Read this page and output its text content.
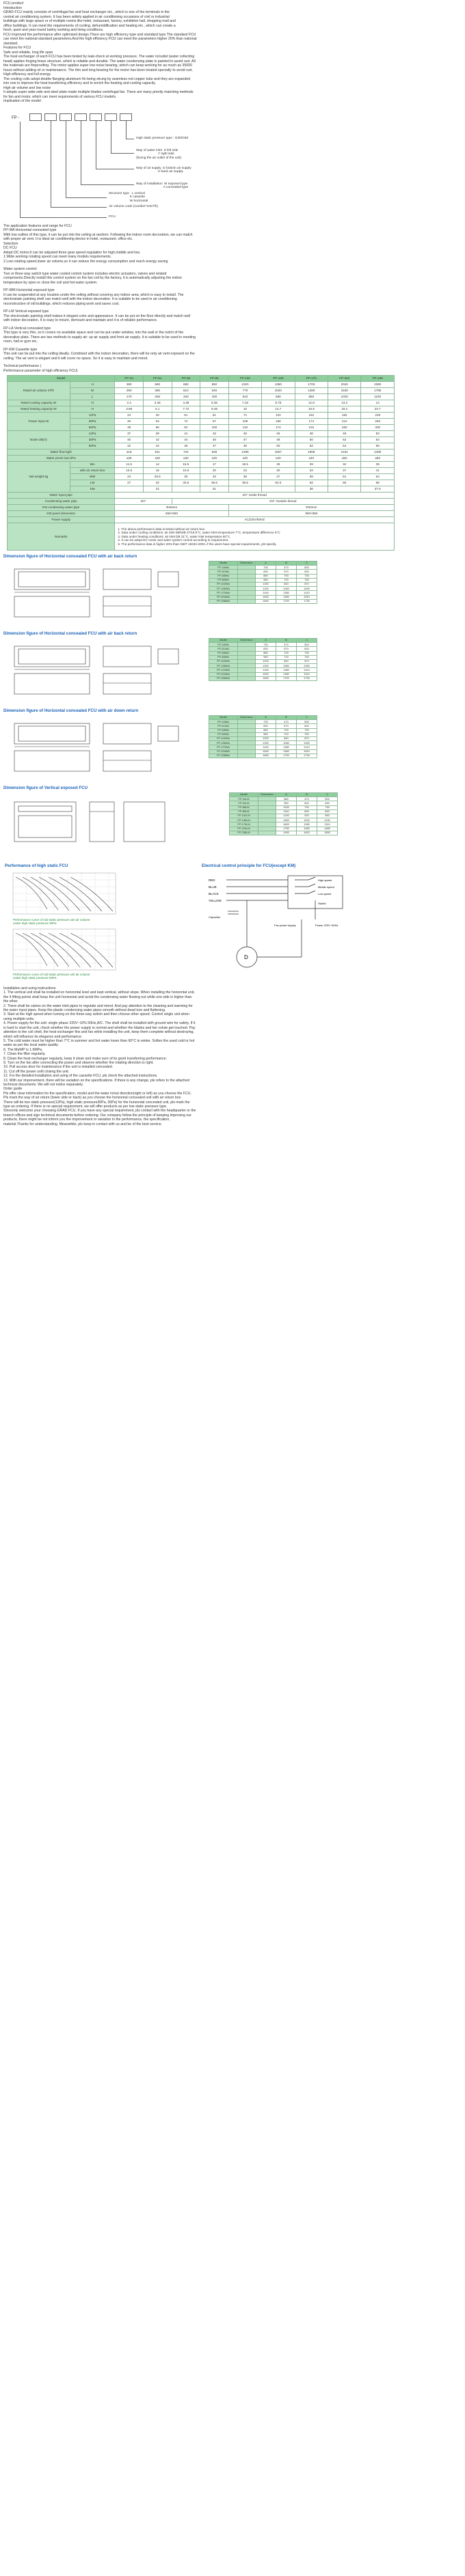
FCU product

Introduction

GRAD FCU mainly consists of centrifugal fan and heat exchanger etc., which is one of the terminals in the

central air conditioning system. It has been widely applied in air conditioning occasions of civil or industrial

buildings with large space or of multiple rooms like hotel, restaurant, factory, exhibition hall, shopping mall and

office buildings. It can meet the requirements of cooling, dehumidification and heating etc., which can create a

fresh, quiet and year-round balmy working and living conditions.

FCU improved the performance after optimized design.There are high efficiency type and standard type.The standard FCU

can meet the national standard parameters,And the high efficiency FCU can meet the parameters higher 20% than national

standard.

Features for FCU

Safe and reliable, long life span

The heat exchanger of each FCU has been tested by leak-check at working pressure. The water in/outlet (water collecting

head) applies forging brass structure, which is reliable and durable. The water condensing plate is painted to avoid rust. All

the materials are fireproofing. The motor applies super low noise bearing, which can keep working for as much as 35000

hours without adding oil or maintenance. The thin and long bearing for the motor has been treated specially to avoid rust.

High efficiency and full energy

The cooling coils adopt double flanging aluminum fin being strung by seamless red copper tube and they are expanded

into one to improve the heat transferring efficiency and to enrich the heating and cooling capacity.

High air volume and low noise

It adopts super wide-side and steel plate made multiple blades centrifugal fan. There are many priority matching methods

for fan and motor, which can meet requirements of various FCU models.

Implication of the model

FP -
High static pressure type : G30/G50
Way of water inlet  Z left side
Y right side
(facing the air outlet of the unit)
Way of air supply  D bottom air supply
H back air supply
Way of installation  M exposed type
A concealed type
Structure type   L vertical
K cassette
W horizontal
Air volume code (number*10m³/h)
FCU

The application features and range for FCU

FP-WA Horizontal concealed type

With low outline of this type, it can be put into the ceiling at random. Following the indoor room decoration, we can match

with proper air vent. It is ideal air conditioning device in hotel, restaurant, office etc.

Selection

DC FCU

Adopt DC motor,It can be adjusted three gear speed regulation for high,middle and low.

1.Wide working rotating speed can meet many models requirements.

2.Low rotating speed,lower air volume,so it can reduce the energy consumption and reach energy saving

Water system control

Two or three way switch type water cooled control system includes electric actuators, valves and related

components.Directly install this control system on the fan coil by the factory, it is automatically adjusting the indoor

temperature by open or close the coil and hot water system.

FP-WM Horizontal exposed type

It can be suspended at any location under the ceiling without covering any indoor area, which is easy to install. The

electrostatic painting shell can match well with the indoor decoration. It is suitable to be used in air conditioning

reconstruction of old buildings, which reduces piping work and saves cost.

FP-LM Vertical exposed type

The electrostatic painting shell makes it elegant color and appearance. It can be put on the floor directly and match well

with indoor decoration. It is easy to mount, demount and maintain and it is of reliable performance.

FP-LA Vertical concealed type

This type is very thin, so it covers no available space and can be put under window, into the wall or the notch of the

decorative plate. There are two methods to supply air: up air supply and front air supply. It is suitable to be used in meeting

room, hall or gym etc.

FP-KM Cassette type

This unit can be put into the ceiling ideally. Combined with the indoor decoration, there will be only air vent exposed on the

ceiling. The air vent is elegant and it will cover no space. So it is easy to maintain and mend.

Technical performance (

Performance parameter of high efficiency FCU)

Model		FP-34	FP-51	FP-68	FP-85	FP-102	FP-136	FP-170	FP-204	FP-238
Rated air volume m³/h	H	380	580	690	850	1020	1360	1700	2040	2380
	M	280	380	510	640	770	1020	1280	1530	1785
	L	170	260	340	430	510	680	850	1020	1190
Rated cooling capacity W	H	2.2	3.45	4.48	5.36	7.18	8.79	12.8	13.2	14
Rated heating capacity W	H	3.68	5.1	7.72	8.48	10	13.7	18.9	19.4	23.7
Power input W	12Pa	24	40	51	51	74	104	162	182	228
	30Pa	40	54	72	67	108	156	174	212	253
	50Pa	49	66	84	100	116	174	215	260	300
Noise dB(A)	12Pa	37	39	41	43	45	46	48	49	50
	30Pa	40	42	44	46	47	48	50	52	54
	50Pa	42	44	46	47	49	50	52	54	56
Water flow kg/h		418	611	734	948	1289	1557	1908	2161	2490
Water press loss kPa		≤30	≤30	≤30	≤40	≤40	≤40	≤40	≤50	≤50
Net weight kg	WA	11.5	14	15.5	17	18.5	25	29	32	35
	with air return box	13.5	16	16.5	20	23	30	34	37	41
	WM	24	28.5	30	33	38	47	59	61	64
	LM	27	32	33.5	36.5	39.5	52.5	62	65	68
	KM		22		31			36		37.5
Water input pipe		3/4" inside thread								
Condensing water pipe		3/4"		3/4" Outside thread						
KM condensing water pipe		Φ25mm				Φ32mm				
KM panel dimension		650×650				950×950				
Power supply		AC220V/50HZ								
Remarks		1. The above performance data is tested without air return box.
2. Data under cooling conditions: air inlet DB/WB 27/19.5°C, water inlet temperature 7°C, temperature difference 5°C
3. Data under heating conditions: air inlet DB 21°C, water inlet temperature 60°C.
4. It can be adopt DC motor and water system control according to requirement.
5. The performance data is higher 20% than GB/T 19232-2003, if the users have special requirements, pls specify.								
Dimension figure of Horizontal concealed FCU with air back return
Model	Dimension	A	B	C
FP-34WA		730	470	500
FP-51WA		830	570	600
FP-68WA		880	700	730
FP-85WA		980	720	750
FP-102WA		1200	840	870
FP-136WA		1320	1060	1090
FP-170WA		1440	1380	1410
FP-204WA		1640	1480	1510
FP-238WA		1840	1700	1730
Dimension figure of Horizontal concealed FCU with air back return
Model	Dimension	A	B	C
FP-34WA		730	470	500
FP-51WA		830	570	600
FP-68WA		880	700	730
FP-85WA		980	720	750
FP-102WA		1200	840	870
FP-136WA		1320	1060	1090
FP-170WA		1440	1380	1410
FP-204WA		1640	1480	1510
FP-238WA		1840	1700	1730
Dimension figure of Horizontal concealed FCU with air down return
Model	Dimension	A	B	C
FP-34WA		730	470	500
FP-51WA		830	570	600
FP-68WA		880	700	730
FP-85WA		980	720	750
FP-102WA		1200	840	870
FP-136WA		1320	1060	1090
FP-170WA		1440	1380	1410
FP-204WA		1640	1480	1510
FP-238WA		1840	1700	1730
Dimension figure of Vertical exposed FCU
Model	Dimension	A	B	C
FP-34LM		880	470	500
FP-51LM		960	600	630
FP-68LM		1020	700	730
FP-85LM		1140	800	830
FP-102LM		1240	920	950
FP-136LM		1450	1100	1130
FP-170LM		1600	1280	1310
FP-204LM		1750	1450	1480
FP-238LM		1900	1620	1650
Performance of high static FCU	Electrical control principle for FCU(except KM)
Performance curve of mid static pressure unit air volume
under high static pressure 30Pa
Performance curve of mid static pressure unit air volume
under high static pressure 50Pa
RED
BLUE
BLACK
YELLOW
High speed
Middle speed
Low speed
Switch
Capacitor
D
Fan power supply	Power 220V~50Hz

Installation and using instructions

1. The vertical unit shall be installed on horizontal level and kept vertical, without slope. When installing the horizontal unit,

the 4 lifting points shall keep the unit horizontal and avoid the condensing water flowing out while one side is higher than

the other.

2. There shall be valves on the water inlet pipes to regulate and mend. And pay attention to the cleaning and warming for

the water input pipes. Keep the plastic condensing water pipes smooth without dead turn and flattening.

3. Start at the high speed when turning on the three-way switch and then choose other speed. Control single unit when

using multiple units.

4. Power supply for the unit: single phase 220V~10% 50Hz,A/C. The shell shall be installed with ground wire for safety. If it

is hard to start the unit, check whether the power supply is normal and whether the blades and fan volute get touched. Pay

attention to the coil shell, the heat exchanger fins and fan while installing the unit, keep them complete without destroying,

which will influence its elegance and performance.

5. The cold water must be higher than 7°C in summer and hot water lower than 60°C in winter. Soften the used cold or hot

water as per the local water quality.

6. The MaWP is 1.6MPa.

7. Clean the filter regularly.

8. Clean the heat exchanger regularly, keep it clean and make sure of its good transferring performance.

9. Turn on the fan after connecting the power and observe whether the rotating direction is right.

10. Pull access door for maintenance if the unit is installed concealed.

11. Cut off the power until closing the unit.

12. For the detailed installation and using of the cassette FCU, pls check the attached instructions.

13. With our improvement, there will be variation on the specifications. If there is any change, pls refers to the attached

technical documents. We will not notice separately.

Order guide

Pls offer clear information for the specification, model and the water in/out direction(right or left) as you choose the FCU.

Pls mark the way of air return (lower side or back) as you choose the horizontal concealed unit with air return box.

There will be two static pressure(12Pa), high static pressure30Pa, 50Pa) for the horizontal concealed unit, pls mark the

type as ordering. If there is no special requirement, we will offer products as per low static pressure type.

Sincerely welcome your choosing GRAD FCU. If you have any special requirement, pls contact with the headquarter or the

branch offices and sign technical documents before ordering. Our company follow the principle of keeping improving our

products, there might be not inform you the improvement or variation in the performance, the specification,

material.Thanks for understanding. Meanwhile, pls keep in contact with us and be of the best service.
